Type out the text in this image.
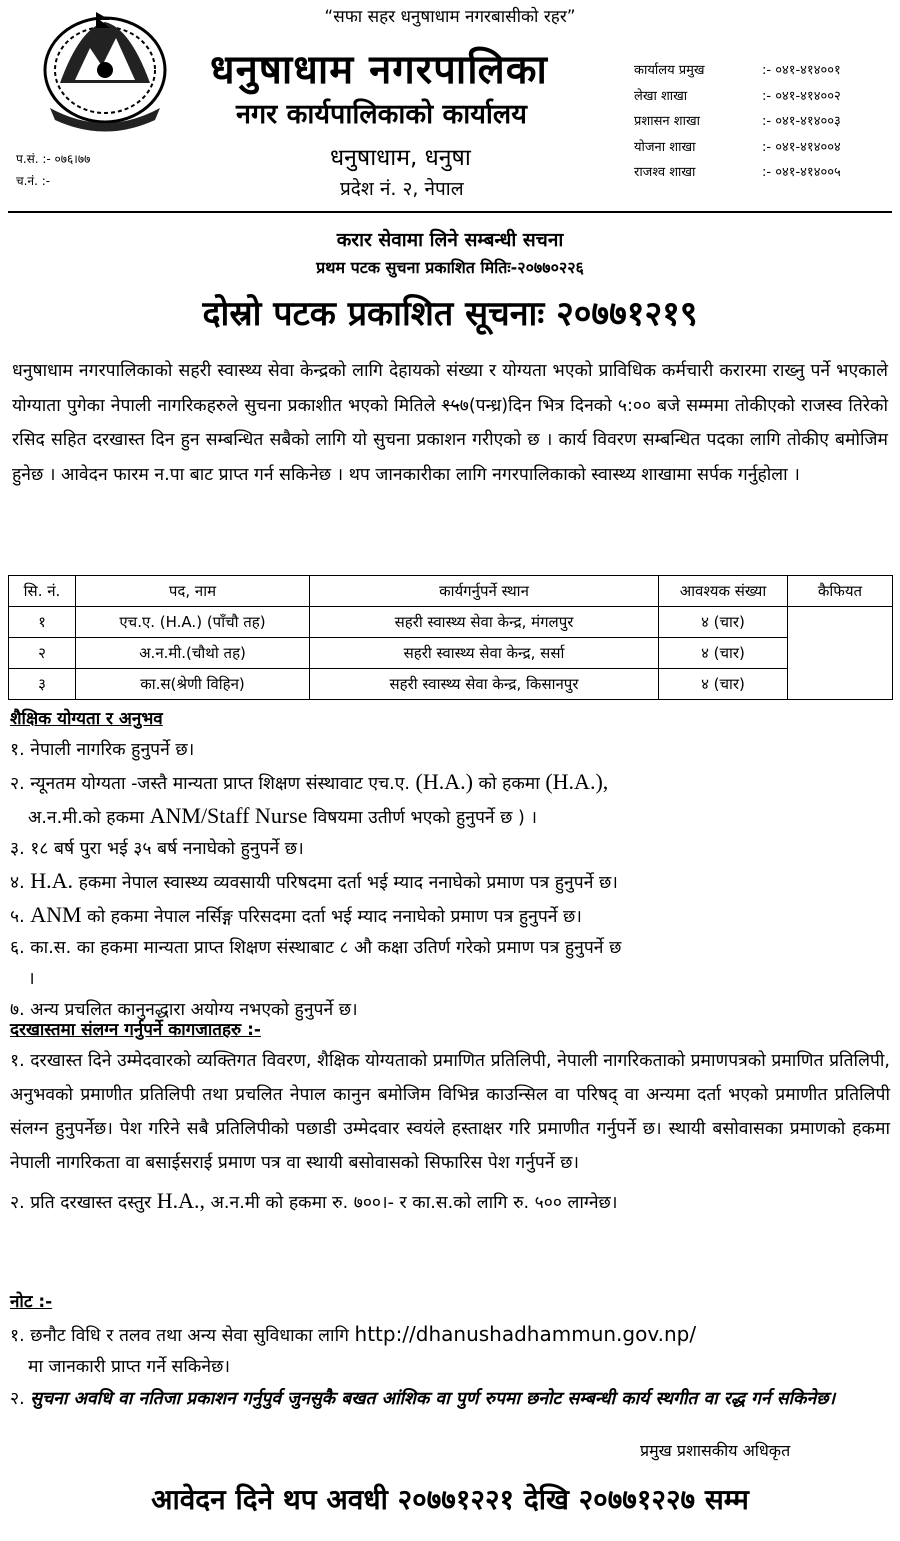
“सफा सहर धनुषाधाम नगरबासीको रहर”
धनुषाधाम नगरपालिका
नगर कार्यपालिकाको कार्यालय
धनुषाधाम, धनुषा
प्रदेश नं. २, नेपाल
प.सं. :- ०७६।७७
च.नं. :-
कार्यालय प्रमुख	:- ०४१-४१४००१
लेखा शाखा	:- ०४१-४१४००२
प्रशासन शाखा	:- ०४१-४१४००३
योजना शाखा	:- ०४१-४१४००४
राजश्व शाखा	:- ०४१-४१४००५
करार सेवामा लिने सम्बन्धी सचना
प्रथम पटक सुचना प्रकाशित मितिः-२०७७०२२६
दोस्रो पटक प्रकाशित सूचनाः २०७७१२१९
धनुषाधाम नगरपालिकाको सहरी स्वास्थ्य सेवा केन्द्रको लागि देहायको संख्या र योग्यता भएको प्राविधिक कर्मचारी करारमा राख्नु पर्ने भएकाले योग्याता पुगेका नेपाली नागरिकहरुले सुचना प्रकाशीत भएको मितिले १५७(पन्ध्र)दिन भित्र दिनको ५:०० बजे सम्ममा तोकीएको राजस्व तिरेको रसिद सहित दरखास्त दिन हुन सम्बन्धित सबैको लागि यो सुचना प्रकाशन गरीएको छ । कार्य विवरण सम्बन्धित पदका लागि तोकीए बमोजिम हुनेछ । आवेदन फारम न.पा बाट प्राप्त गर्न सकिनेछ । थप जानकारीका लागि नगरपालिकाको स्वास्थ्य शाखामा सर्पक गर्नुहोला ।
सि. नं.	पद, नाम	कार्यगर्नुपर्ने स्थान	आवश्यक संख्या	कैफियत
१	एच.ए. (H.A.) (पाँचौ तह)	सहरी स्वास्थ्य सेवा केन्द्र, मंगलपुर	४ (चार)	
२	अ.न.मी.(चौथो तह)	सहरी स्वास्थ्य सेवा केन्द्र, सर्सा	४ (चार)	
३	का.स(श्रेणी विहिन)	सहरी स्वास्थ्य सेवा केन्द्र, किसानपुर	४ (चार)	
शैक्षिक योग्यता र अनुभव
१. नेपाली नागरिक हुनुपर्ने छ।
२. न्यूनतम योग्यता -जस्तै मान्यता प्राप्त शिक्षण संस्थावाट एच.ए. (H.A.) को हकमा (H.A.),
अ.न.मी.को हकमा ANM/Staff Nurse विषयमा उतीर्ण भएको हुनुपर्ने छ ) ।
३. १८ बर्ष पुरा भई ३५ बर्ष ननाघेको हुनुपर्ने छ।
४. H.A. हकमा नेपाल स्वास्थ्य व्यवसायी परिषदमा दर्ता भई म्याद ननाघेको प्रमाण पत्र हुनुपर्ने छ।
५. ANM को हकमा नेपाल नर्सिङ्ग परिसदमा दर्ता भई म्याद ननाघेको प्रमाण पत्र हुनुपर्ने छ।
६. का.स. का हकमा मान्यता प्राप्त शिक्षण संस्थाबाट ८ औ कक्षा उतिर्ण गरेको प्रमाण पत्र हुनुपर्ने छ
।
७. अन्य प्रचलित कानुनद्धारा अयोग्य नभएको हुनुपर्ने छ।
दरखास्तमा संलग्न गर्नुपर्ने कागजातहरु :-

१. दरखास्त दिने उम्मेदवारको व्यक्तिगत विवरण, शैक्षिक योग्यताको प्रमाणित प्रतिलिपी, नेपाली नागरिकताको प्रमाणपत्रको प्रमाणित प्रतिलिपी, अनुभवको प्रमाणीत प्रतिलिपी तथा प्रचलित नेपाल कानुन बमोजिम विभिन्न काउन्सिल वा परिषद् वा अन्यमा दर्ता भएको प्रमाणीत प्रतिलिपी संलग्न हुनुपर्नेछ। पेश गरिने सबै प्रतिलिपीको पछाडी उम्मेदवार स्वयंले हस्ताक्षर गरि प्रमाणीत गर्नुपर्ने छ। स्थायी बसोवासका प्रमाणको हकमा नेपाली नागरिकता वा बसाईसराई प्रमाण पत्र वा स्थायी बसोवासको सिफारिस पेश गर्नुपर्ने छ।

२. प्रति दरखास्त दस्तुर H.A., अ.न.मी को हकमा रु. ७००।- र का.स.को लागि रु. ५०० लाग्नेछ।

नोट :-

१. छनौट विधि र तलव तथा अन्य सेवा सुविधाका लागि http://dhanushadhammun.gov.np/

मा जानकारी प्राप्त गर्ने सकिनेछ।

२. सुचना अवधि वा नतिजा प्रकाशन गर्नुपुर्व जुनसुकै बखत आंशिक वा पुर्ण रुपमा छनोट सम्बन्धी कार्य स्थगीत वा रद्ध गर्न सकिनेछ।

प्रमुख प्रशासकीय अधिकृत
आवेदन दिने थप अवधी २०७७१२२१ देखि २०७७१२२७ सम्म
